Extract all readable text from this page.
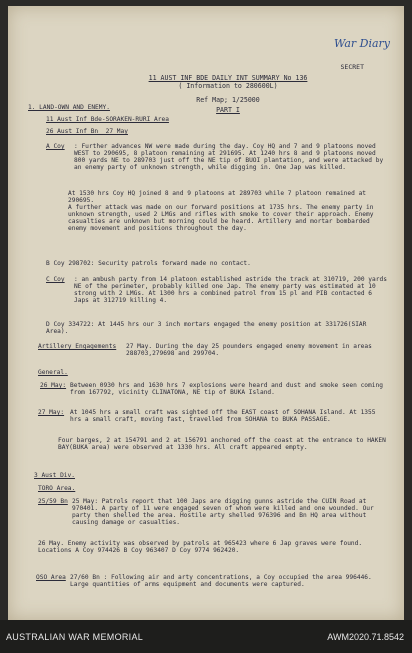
War Diary
SECRET
11 AUST INF BDE DAILY INT SUMMARY No 136
( Information to 280600L)
Ref Map; 1/25000
PART I
1. LAND-OWN AND ENEMY.
11 Aust Inf Bde-SORAKEN-RURI Area
26 Aust Inf Bn  27 May
A Coy : Further advances NW were made during the day. Coy HQ and 7 and 9 platoons moved WEST to 290695, 8 platoon remaining at 291695. At 1240 hrs 8 and 9 platoons moved 800 yards NE to 289703 just off the NE tip of BUOI plantation, and were attacked by an enemy party of unknown strength, while digging in. One Jap was killed.
At 1530 hrs Coy HQ joined 8 and 9 platoons at 289703 while 7 platoon remained at 290695.
A further attack was made on our forward positions at 1735 hrs. The enemy party in unknown strength, used 2 LMGs and rifles with smoke to cover their approach. Enemy casualties are unknown but morning could be heard. Artillery and mortar bombarded enemy movement and positions throughout the day.
B Coy 298702: Security patrols forward made no contact.
C Coy : an ambush party from 14 platoon established astride the track at 310719, 200 yards NE of the perimeter, probably killed one Jap. The enemy party was estimated at 10 strong with 2 LMGs. At 1300 hrs a combined patrol from 15 pl and PIB contacted 6 Japs at 312719 killing 4.
D Coy 334722: At 1445 hrs our 3 inch mortars engaged the enemy position at 331726(SIAR Area).
Artillery Engagements 27 May. During the day 25 pounders engaged enemy movement in areas 288703,279698 and 299704.
General.
26 May: Between 0930 hrs and 1630 hrs 7 explosions were heard and dust and smoke seen coming from 167792, vicinity CLINATONA, NE tip of BUKA Island.
27 May: At 1045 hrs a small craft was sighted off the EAST coast of SOHANA Island. At 1355 hrs a small craft, moving fast, travelled from SOHANA to BUKA PASSAGE.
Four barges, 2 at 154791 and 2 at 156791 anchored off the coast at the entrance to HAKEN BAY(BUKA area) were observed at 1330 hrs. All craft appeared empty.
3 Aust Div.
TORO Area.
25/59 Bn 25 May: Patrols report that 100 Japs are digging gunns astride the CUIN Road at 970401. A party of 11 were engaged seven of whom were killed and one wounded. Our party then shelled the area. Hostile arty shelled 976396 and Bn HQ area without causing damage or casualties.
26 May. Enemy activity was observed by patrols at 965423 where 6 Jap graves were found. Locations A Coy 974426 B Coy 963407 D Coy 9774 962420.
OSO Area 27/60 Bn : Following air and arty concentrations, a Coy occupied the area 996446. Large quantities of arms equipment and documents were captured.
AUSTRALIAN WAR MEMORIAL	AWM2020.71.8542
